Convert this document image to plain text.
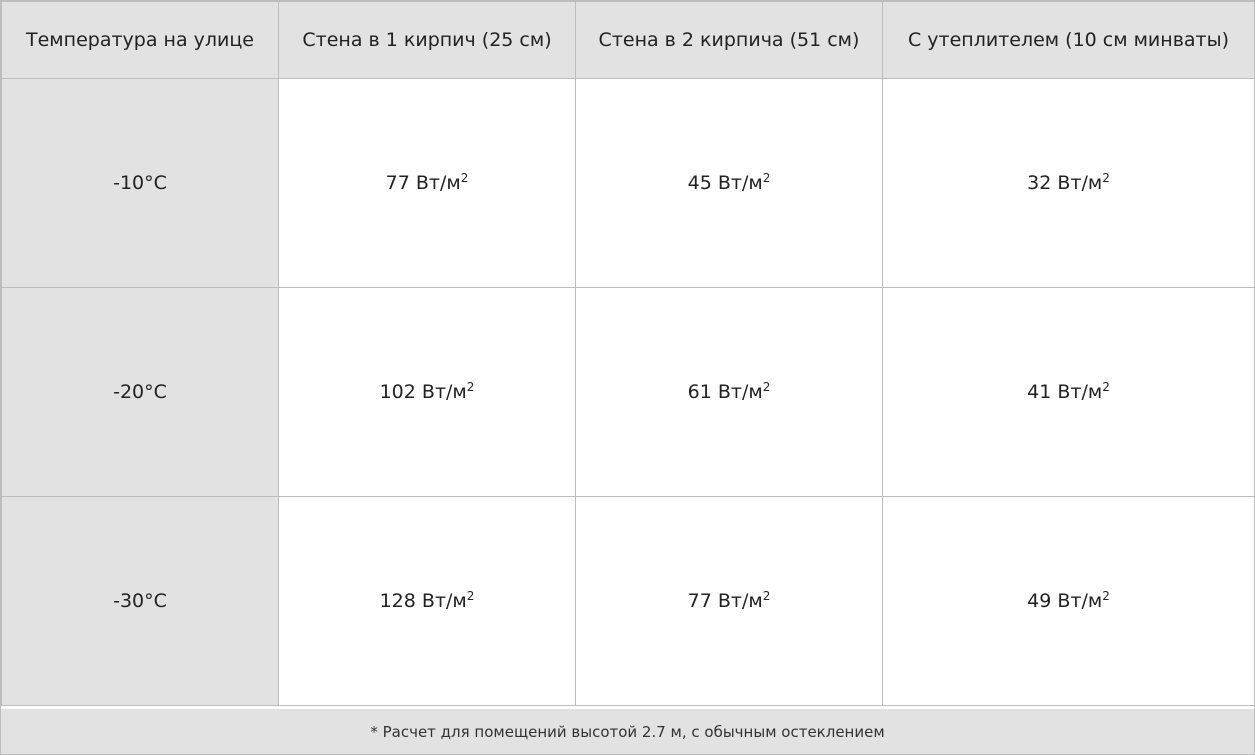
Температура на улице	Стена в 1 кирпич (25 см)	Стена в 2 кирпича (51 см)	С утеплителем (10 см минваты)
-10°C	77 $Вт/м^2$	45 $Вт/м^2$	32 $Вт/м^2$
-20°C	102 $Вт/м^2$	61 $Вт/м^2$	41 $Вт/м^2$
-30°C	128 $Вт/м^2$	77 $Вт/м^2$	49 $Вт/м^2$
* Расчет для помещений высотой 2.7 м, с обычным остеклением
